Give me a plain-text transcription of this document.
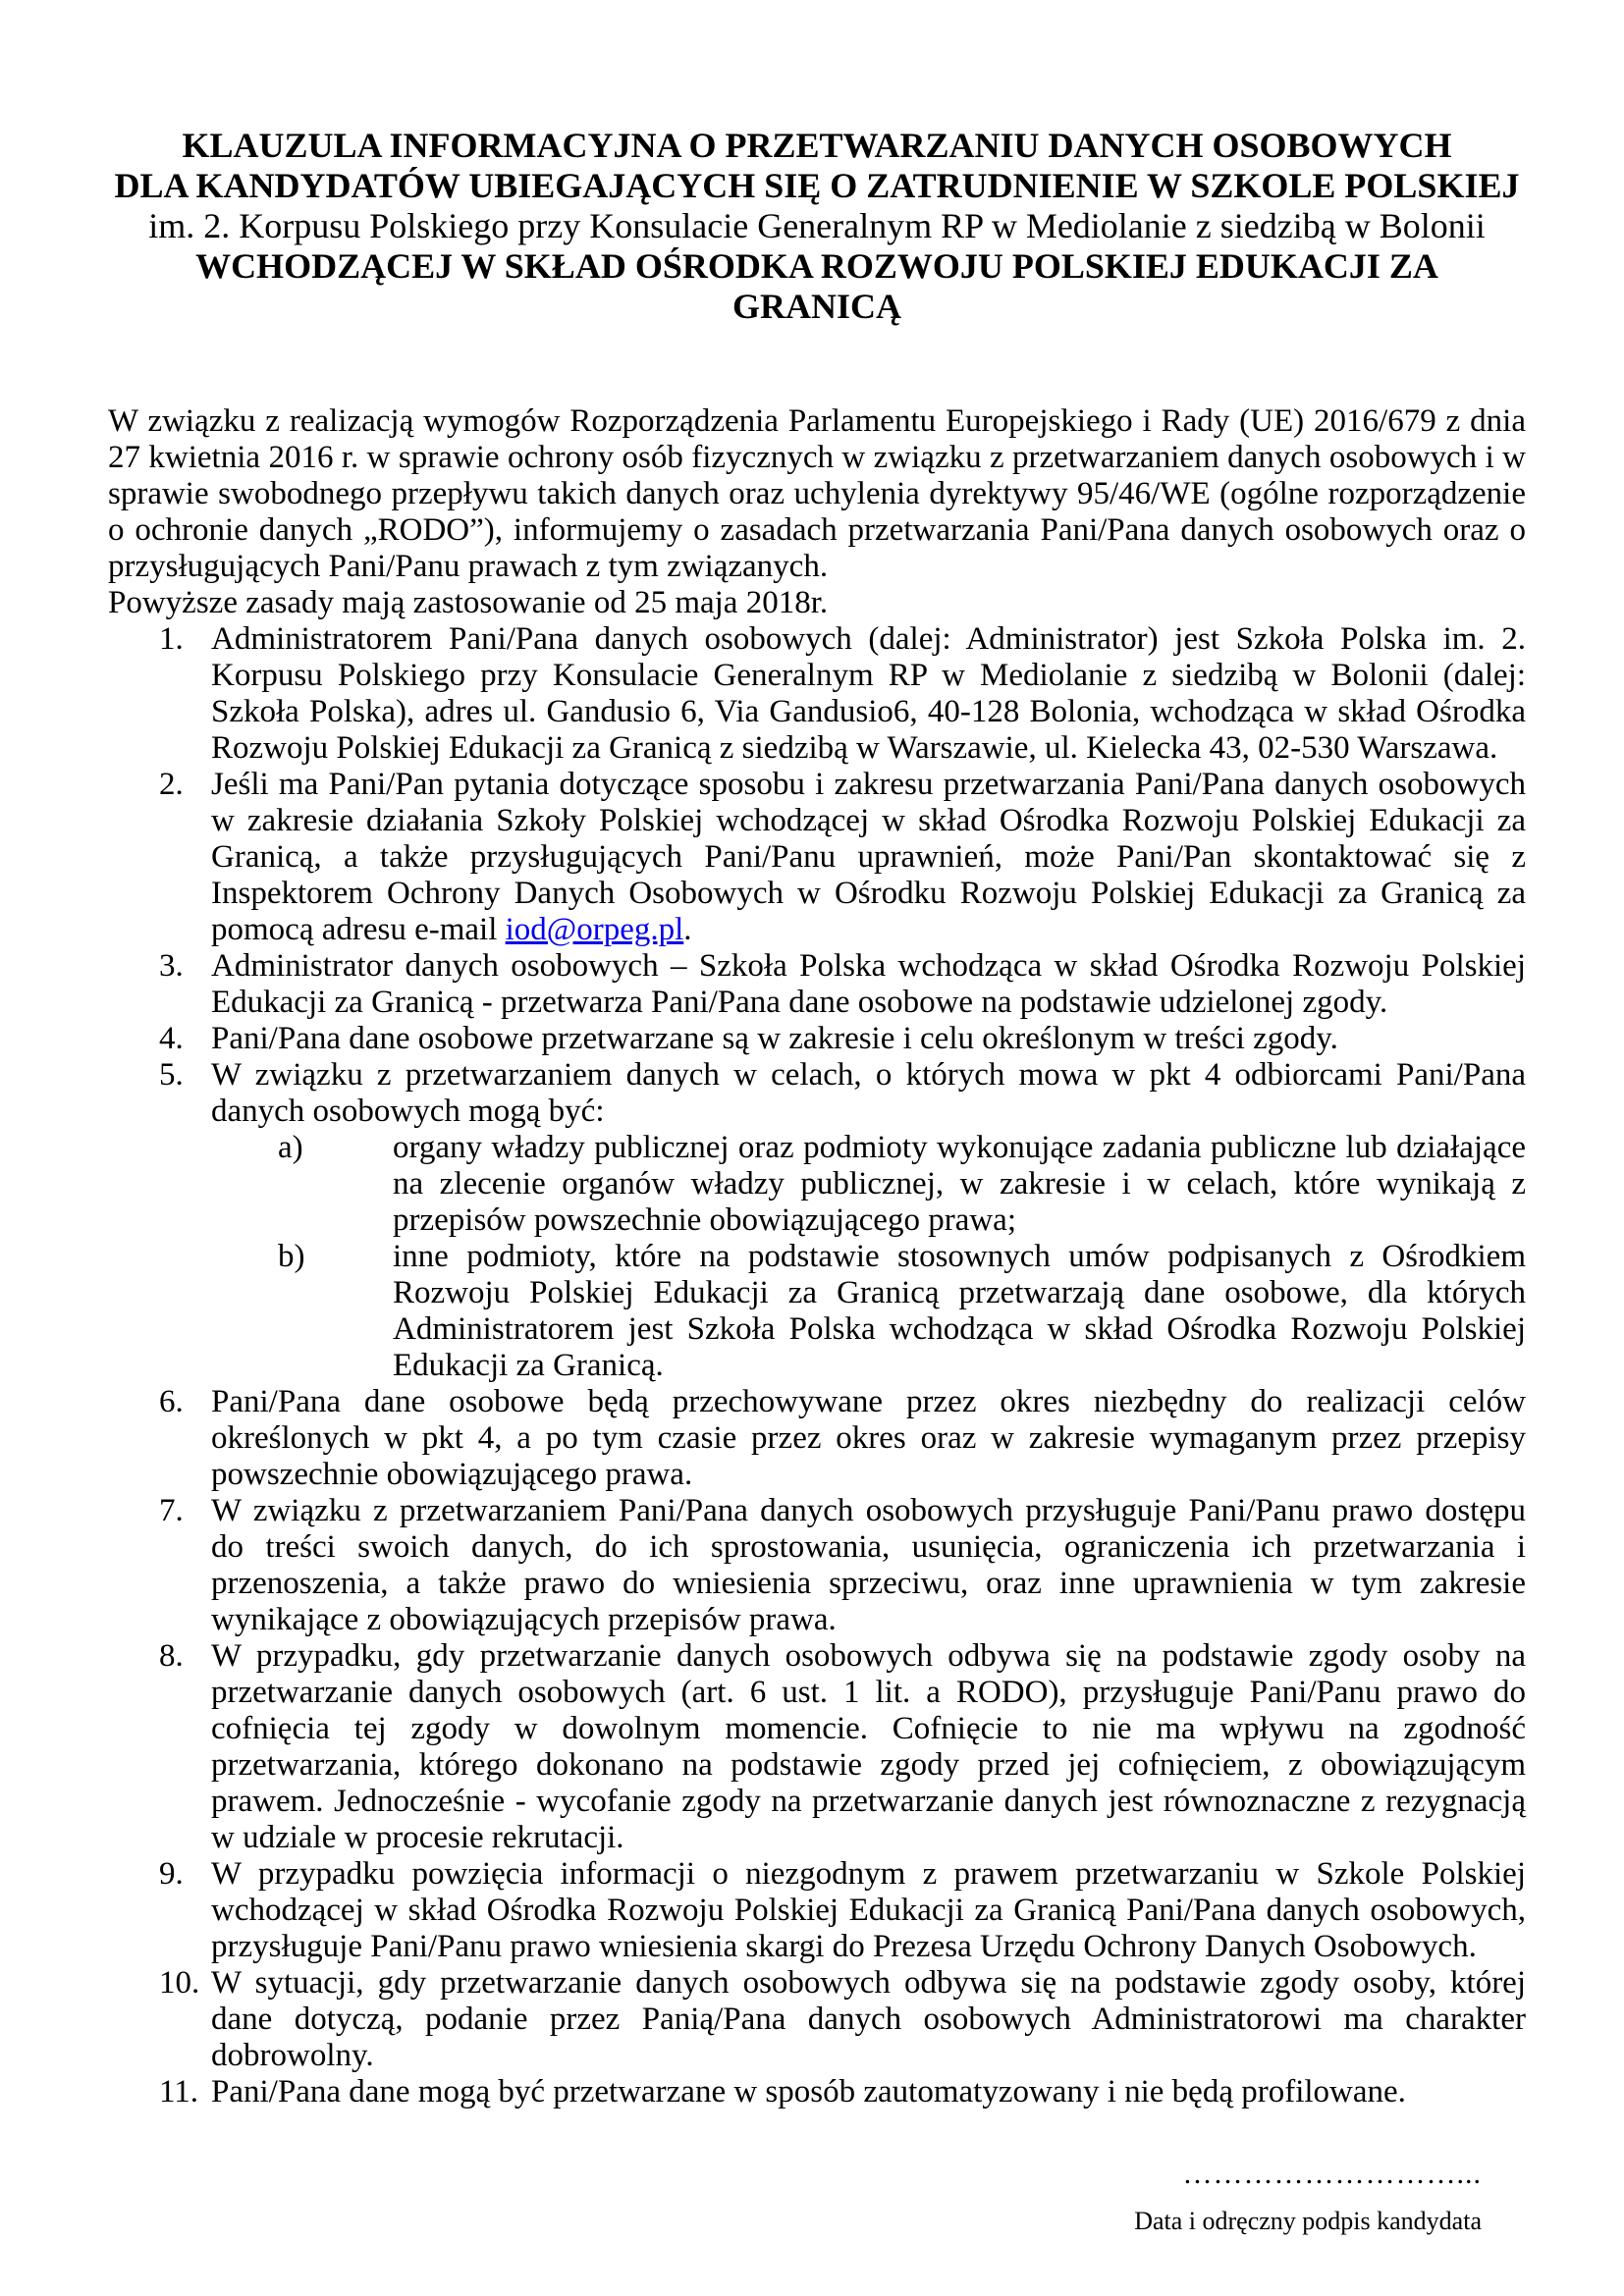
KLAUZULA INFORMACYJNA O PRZETWARZANIU DANYCH OSOBOWYCH
DLA KANDYDATÓW UBIEGAJĄCYCH SIĘ O ZATRUDNIENIE W SZKOLE POLSKIEJ
im. 2. Korpusu Polskiego przy Konsulacie Generalnym RP w Mediolanie z siedzibą w Bolonii
WCHODZĄCEJ W SKŁAD OŚRODKA ROZWOJU POLSKIEJ EDUKACJI ZA GRANICĄ
W związku z realizacją wymogów Rozporządzenia Parlamentu Europejskiego i Rady (UE) 2016/679 z dnia 27 kwietnia 2016 r. w sprawie ochrony osób fizycznych w związku z przetwarzaniem danych osobowych i w sprawie swobodnego przepływu takich danych oraz uchylenia dyrektywy 95/46/WE (ogólne rozporządzenie o ochronie danych „RODO”), informujemy o zasadach przetwarzania Pani/Pana danych osobowych oraz o przysługujących Pani/Panu prawach z tym związanych.
Powyższe zasady mają zastosowanie od 25 maja 2018r.
1. Administratorem Pani/Pana danych osobowych (dalej: Administrator) jest Szkoła Polska im. 2. Korpusu Polskiego przy Konsulacie Generalnym RP w Mediolanie z siedzibą w Bolonii (dalej: Szkoła Polska), adres ul. Gandusio 6, Via Gandusio6, 40-128 Bolonia, wchodząca w skład Ośrodka Rozwoju Polskiej Edukacji za Granicą z siedzibą w Warszawie, ul. Kielecka 43, 02-530 Warszawa.
2. Jeśli ma Pani/Pan pytania dotyczące sposobu i zakresu przetwarzania Pani/Pana danych osobowych w zakresie działania Szkoły Polskiej wchodzącej w skład Ośrodka Rozwoju Polskiej Edukacji za Granicą, a także przysługujących Pani/Panu uprawnień, może Pani/Pan skontaktować się z Inspektorem Ochrony Danych Osobowych w Ośrodku Rozwoju Polskiej Edukacji za Granicą za pomocą adresu e-mail iod@orpeg.pl.
3. Administrator danych osobowych – Szkoła Polska wchodząca w skład Ośrodka Rozwoju Polskiej Edukacji za Granicą - przetwarza Pani/Pana dane osobowe na podstawie udzielonej zgody.
4. Pani/Pana dane osobowe przetwarzane są w zakresie i celu określonym w treści zgody.
5. W związku z przetwarzaniem danych w celach, o których mowa w pkt 4 odbiorcami Pani/Pana danych osobowych mogą być:
a)	organy władzy publicznej oraz podmioty wykonujące zadania publiczne lub działające na zlecenie organów władzy publicznej, w zakresie i w celach, które wynikają z przepisów powszechnie obowiązującego prawa;
b)	inne podmioty, które na podstawie stosownych umów podpisanych z Ośrodkiem Rozwoju Polskiej Edukacji za Granicą przetwarzają dane osobowe, dla których Administratorem jest Szkoła Polska wchodząca w skład Ośrodka Rozwoju Polskiej Edukacji za Granicą.
6. Pani/Pana dane osobowe będą przechowywane przez okres niezbędny do realizacji celów określonych w pkt 4, a po tym czasie przez okres oraz w zakresie wymaganym przez przepisy powszechnie obowiązującego prawa.
7. W związku z przetwarzaniem Pani/Pana danych osobowych przysługuje Pani/Panu prawo dostępu do treści swoich danych, do ich sprostowania, usunięcia, ograniczenia ich przetwarzania i przenoszenia, a także prawo do wniesienia sprzeciwu, oraz inne uprawnienia w tym zakresie wynikające z obowiązujących przepisów prawa.
8. W przypadku, gdy przetwarzanie danych osobowych odbywa się na podstawie zgody osoby na przetwarzanie danych osobowych (art. 6 ust. 1 lit. a RODO), przysługuje Pani/Panu prawo do cofnięcia tej zgody w dowolnym momencie. Cofnięcie to nie ma wpływu na zgodność przetwarzania, którego dokonano na podstawie zgody przed jej cofnięciem, z obowiązującym prawem. Jednocześnie - wycofanie zgody na przetwarzanie danych jest równoznaczne z rezygnacją w udziale w procesie rekrutacji.
9. W przypadku powzięcia informacji o niezgodnym z prawem przetwarzaniu w Szkole Polskiej wchodzącej w skład Ośrodka Rozwoju Polskiej Edukacji za Granicą Pani/Pana danych osobowych, przysługuje Pani/Panu prawo wniesienia skargi do Prezesa Urzędu Ochrony Danych Osobowych.
10. W sytuacji, gdy przetwarzanie danych osobowych odbywa się na podstawie zgody osoby, której dane dotyczą, podanie przez Panią/Pana danych osobowych Administratorowi ma charakter dobrowolny.
11. Pani/Pana dane mogą być przetwarzane w sposób zautomatyzowany i nie będą profilowane.
………………………...
Data i odręczny podpis kandydata
